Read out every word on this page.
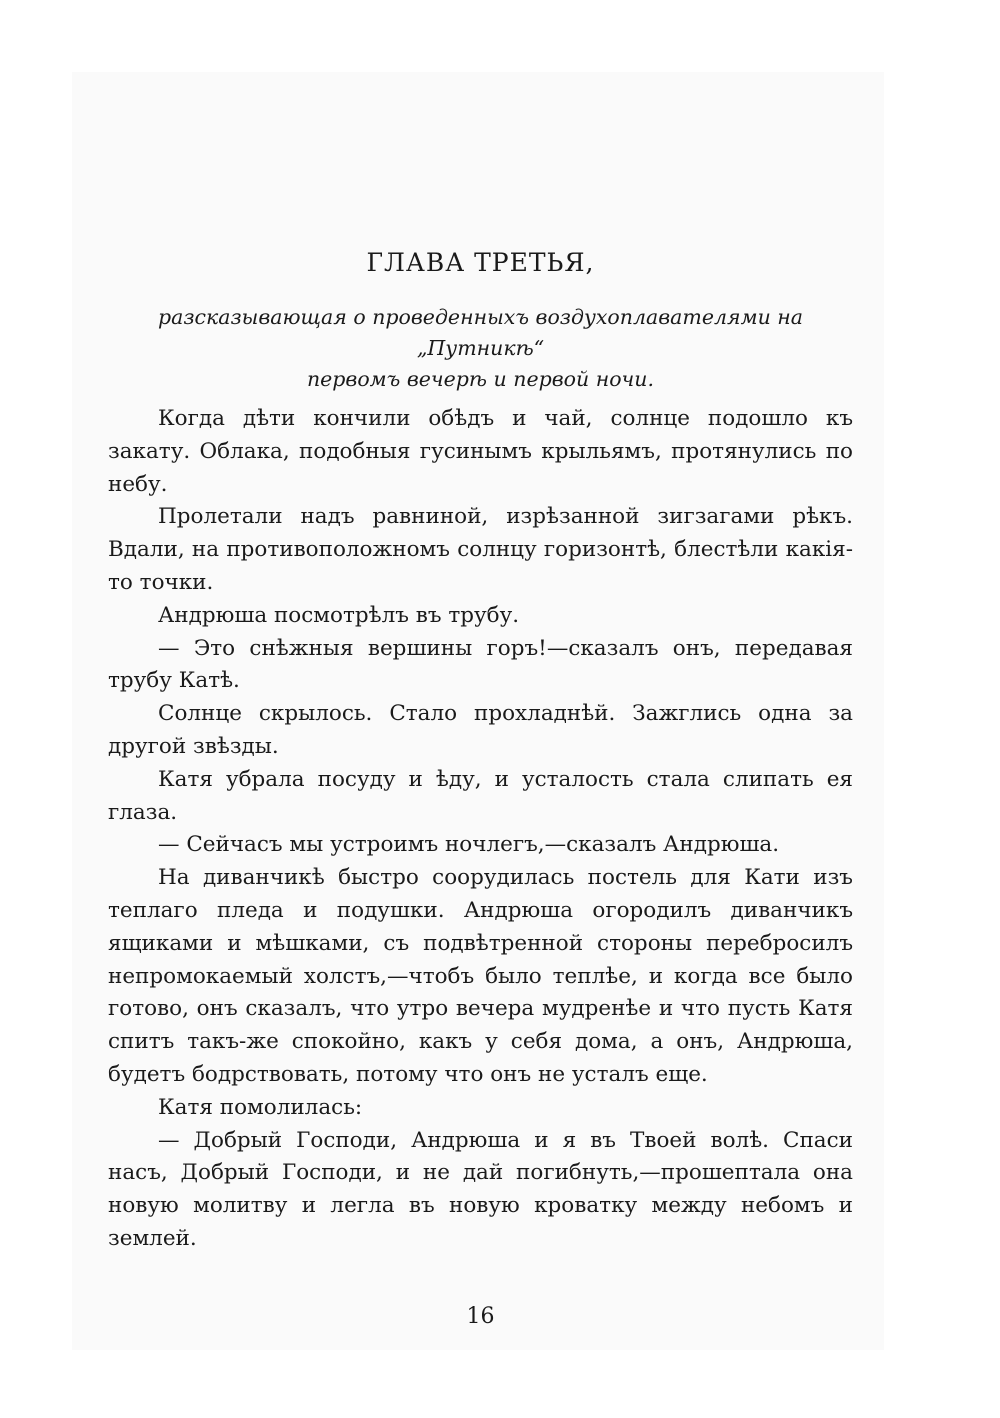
ГЛАВА ТРЕТЬЯ,
разсказывающая о проведенныхъ воздухоплавателями на „Путникѣ“
первомъ вечерѣ и первой ночи.

Когда дѣти кончили обѣдъ и чай, солнце подошло къ закату. Облака, подобныя гусинымъ крыльямъ, протянулись по небу.

Пролетали надъ равниной, изрѣзанной зигзагами рѣкъ. Вдали, на противоположномъ солнцу горизонтѣ, блестѣли какія-то точки.

Андрюша посмотрѣлъ въ трубу.

— Это снѣжныя вершины горъ!—сказалъ онъ, передавая трубу Катѣ.

Солнце скрылось. Стало прохладнѣй. Зажглись одна за другой звѣзды.

Катя убрала посуду и ѣду, и усталость стала слипать ея глаза.

— Сейчасъ мы устроимъ ночлегъ,—сказалъ Андрюша.

На диванчикѣ быстро соорудилась постель для Кати изъ теплаго пледа и подушки. Андрюша огородилъ диванчикъ ящиками и мѣшками, съ подвѣтренной стороны перебросилъ непромокаемый холстъ,—чтобъ было теплѣе, и когда все было готово, онъ сказалъ, что утро вечера мудренѣе и что пусть Катя спитъ такъ-же спокойно, какъ у себя дома, а онъ, Андрюша, будетъ бодрствовать, потому что онъ не усталъ еще.

Катя помолилась:

— Добрый Господи, Андрюша и я въ Твоей волѣ. Спаси насъ, Добрый Господи, и не дай погибнуть,—прошептала она новую молитву и легла въ новую кроватку между небомъ и землей.

16
